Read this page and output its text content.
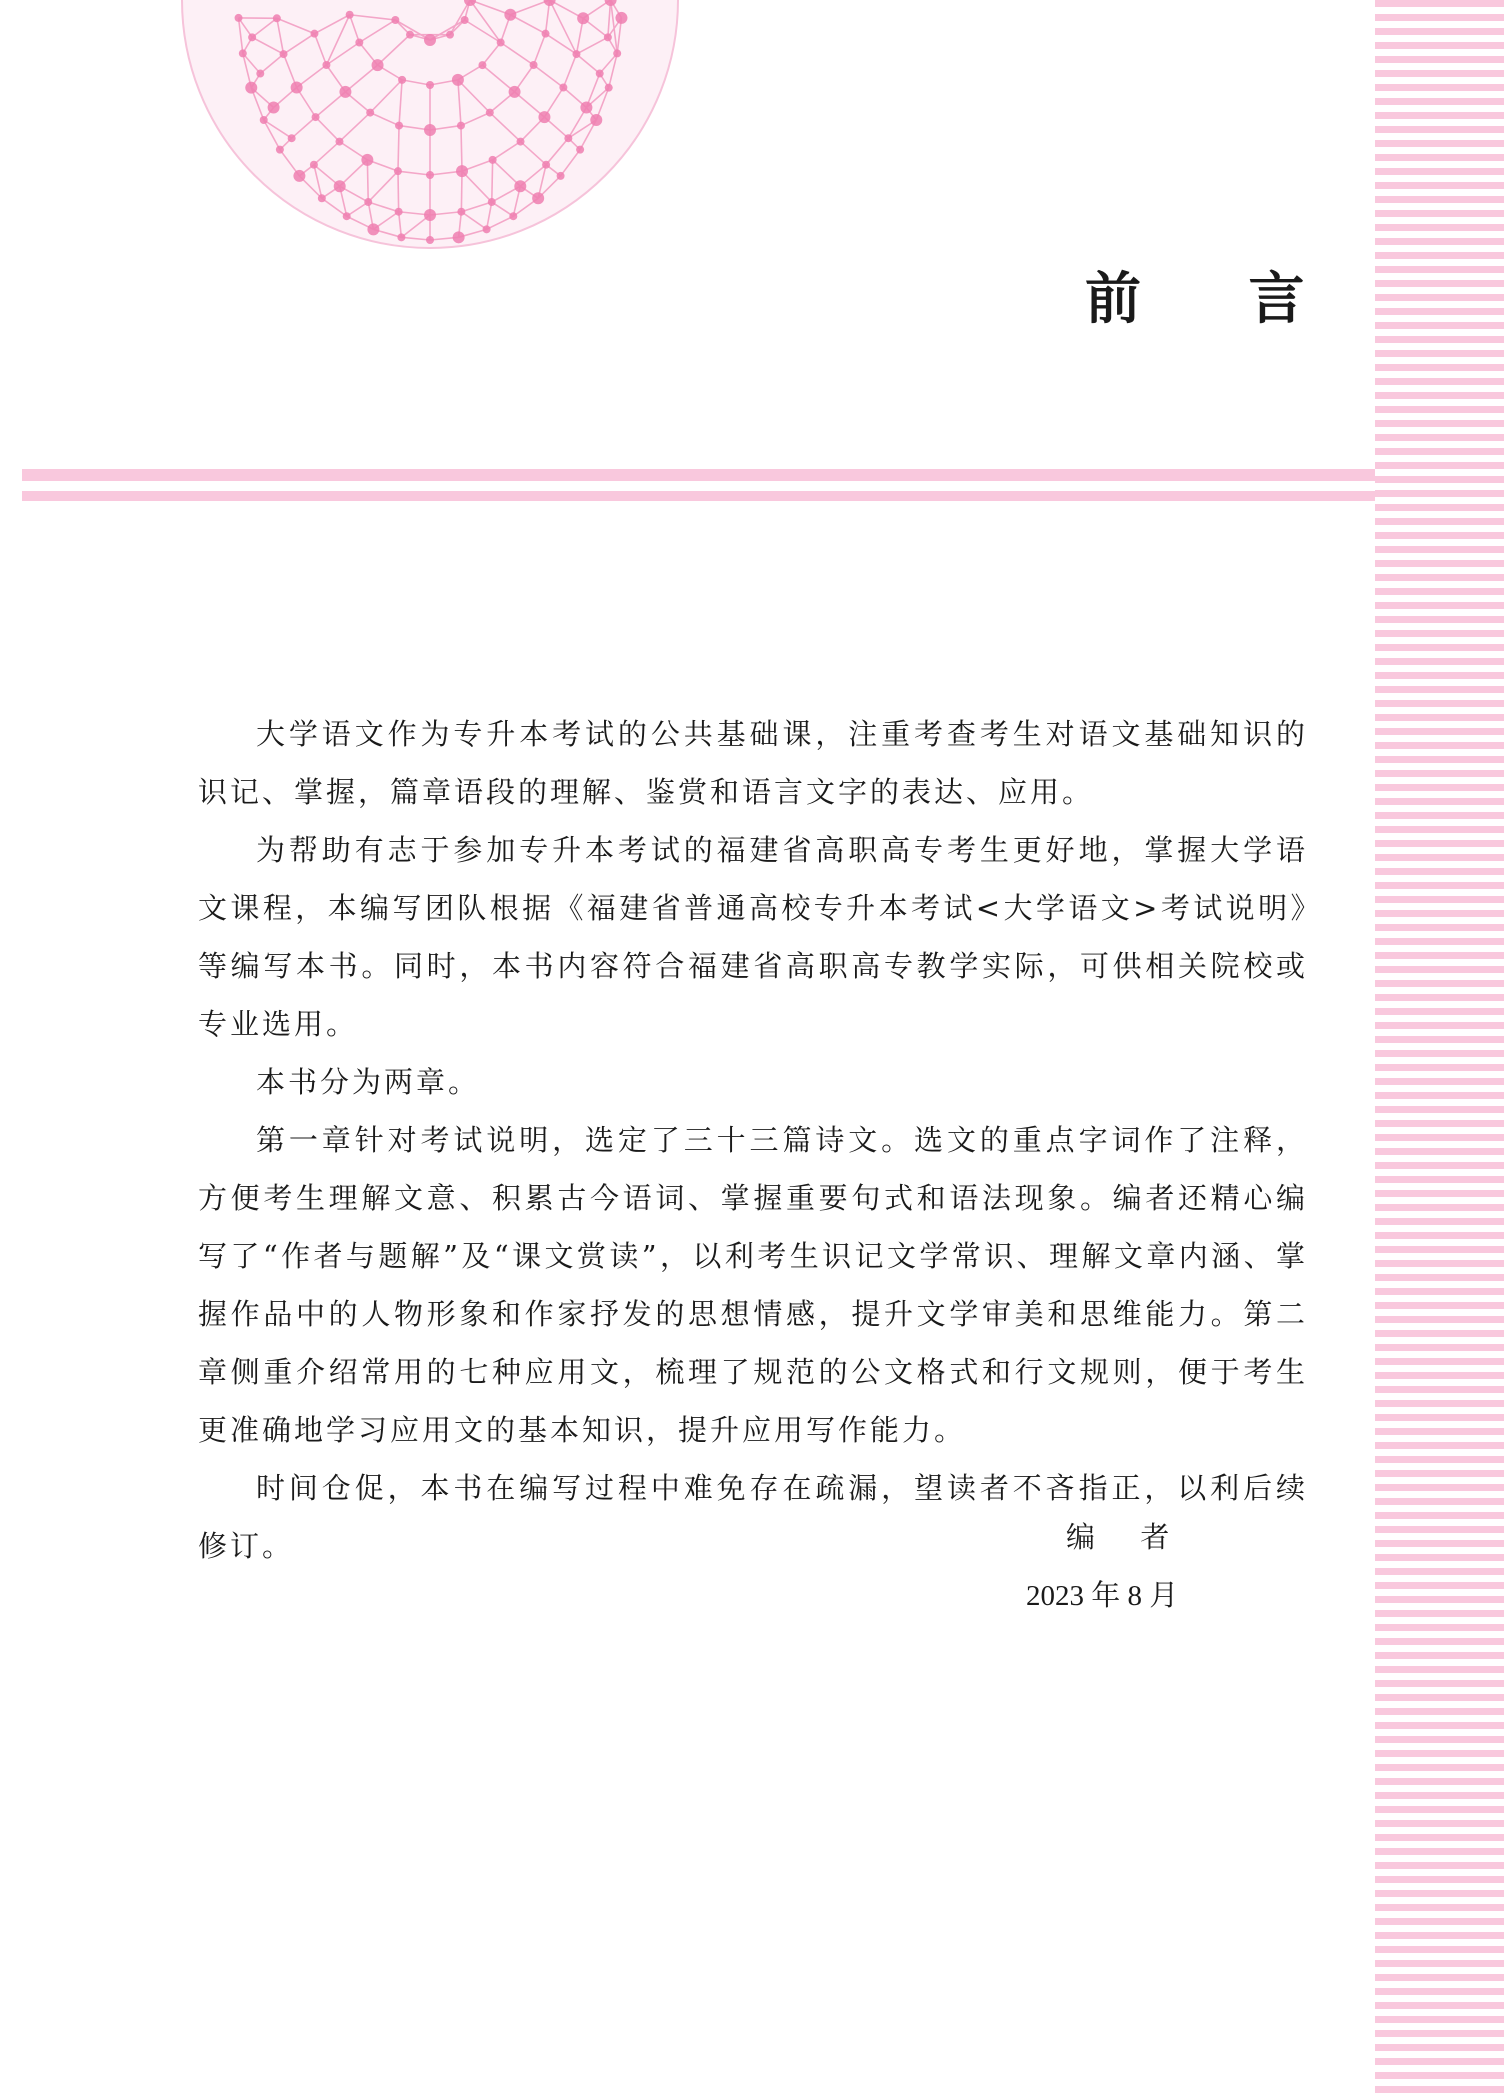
前 言

大学语文作为专升本考试的公共基础课，注重考查考生对语文基础知识的识记、掌握，篇章语段的理解、鉴赏和语言文字的表达、应用。

为帮助有志于参加专升本考试的福建省高职高专考生更好地，掌握大学语文课程，本编写团队根据《福建省普通高校专升本考试<大学语文>考试说明》等编写本书。同时，本书内容符合福建省高职高专教学实际，可供相关院校或专业选用。

本书分为两章。

第一章针对考试说明，选定了三十三篇诗文。选文的重点字词作了注释，方便考生理解文意、积累古今语词、掌握重要句式和语法现象。编者还精心编写了“作者与题解”及“课文赏读”，以利考生识记文学常识、理解文章内涵、掌握作品中的人物形象和作家抒发的思想情感，提升文学审美和思维能力。第二章侧重介绍常用的七种应用文，梳理了规范的公文格式和行文规则，便于考生更准确地学习应用文的基本知识，提升应用写作能力。

时间仓促，本书在编写过程中难免存在疏漏，望读者不吝指正，以利后续修订。	编 者
2023 年 8 月
